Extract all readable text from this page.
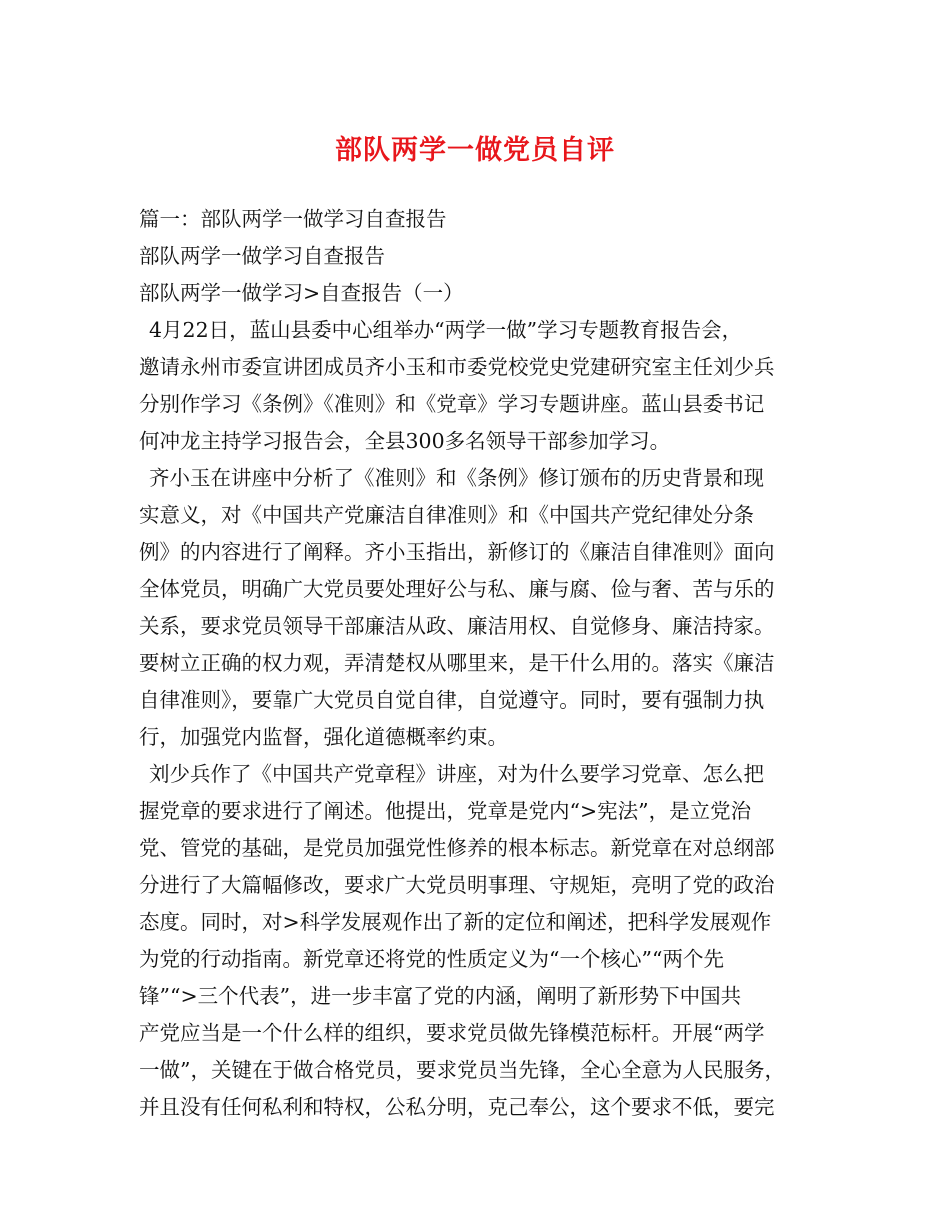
部队两学一做党员自评

篇一：部队两学一做学习自查报告

部队两学一做学习自查报告

部队两学一做学习>自查报告（一）

4月22日，蓝山县委中心组举办“两学一做”学习专题教育报告会，

邀请永州市委宣讲团成员齐小玉和市委党校党史党建研究室主任刘少兵

分别作学习《条例》《准则》和《党章》学习专题讲座。蓝山县委书记

何冲龙主持学习报告会，全县300多名领导干部参加学习。

齐小玉在讲座中分析了《准则》和《条例》修订颁布的历史背景和现

实意义，对《中国共产党廉洁自律准则》和《中国共产党纪律处分条

例》的内容进行了阐释。齐小玉指出，新修订的《廉洁自律准则》面向

全体党员，明确广大党员要处理好公与私、廉与腐、俭与奢、苦与乐的

关系，要求党员领导干部廉洁从政、廉洁用权、自觉修身、廉洁持家。

要树立正确的权力观，弄清楚权从哪里来，是干什么用的。落实《廉洁

自律准则》，要靠广大党员自觉自律，自觉遵守。同时，要有强制力执

行，加强党内监督，强化道德概率约束。

刘少兵作了《中国共产党章程》讲座，对为什么要学习党章、怎么把

握党章的要求进行了阐述。他提出，党章是党内“>宪法”，是立党治

党、管党的基础，是党员加强党性修养的根本标志。新党章在对总纲部

分进行了大篇幅修改，要求广大党员明事理、守规矩，亮明了党的政治

态度。同时，对>科学发展观作出了新的定位和阐述，把科学发展观作

为党的行动指南。新党章还将党的性质定义为“一个核心”“两个先

锋”“>三个代表”，进一步丰富了党的内涵，阐明了新形势下中国共

产党应当是一个什么样的组织，要求党员做先锋模范标杆。开展“两学

一做”，关键在于做合格党员，要求党员当先锋，全心全意为人民服务，

并且没有任何私利和特权，公私分明，克己奉公，这个要求不低，要完
